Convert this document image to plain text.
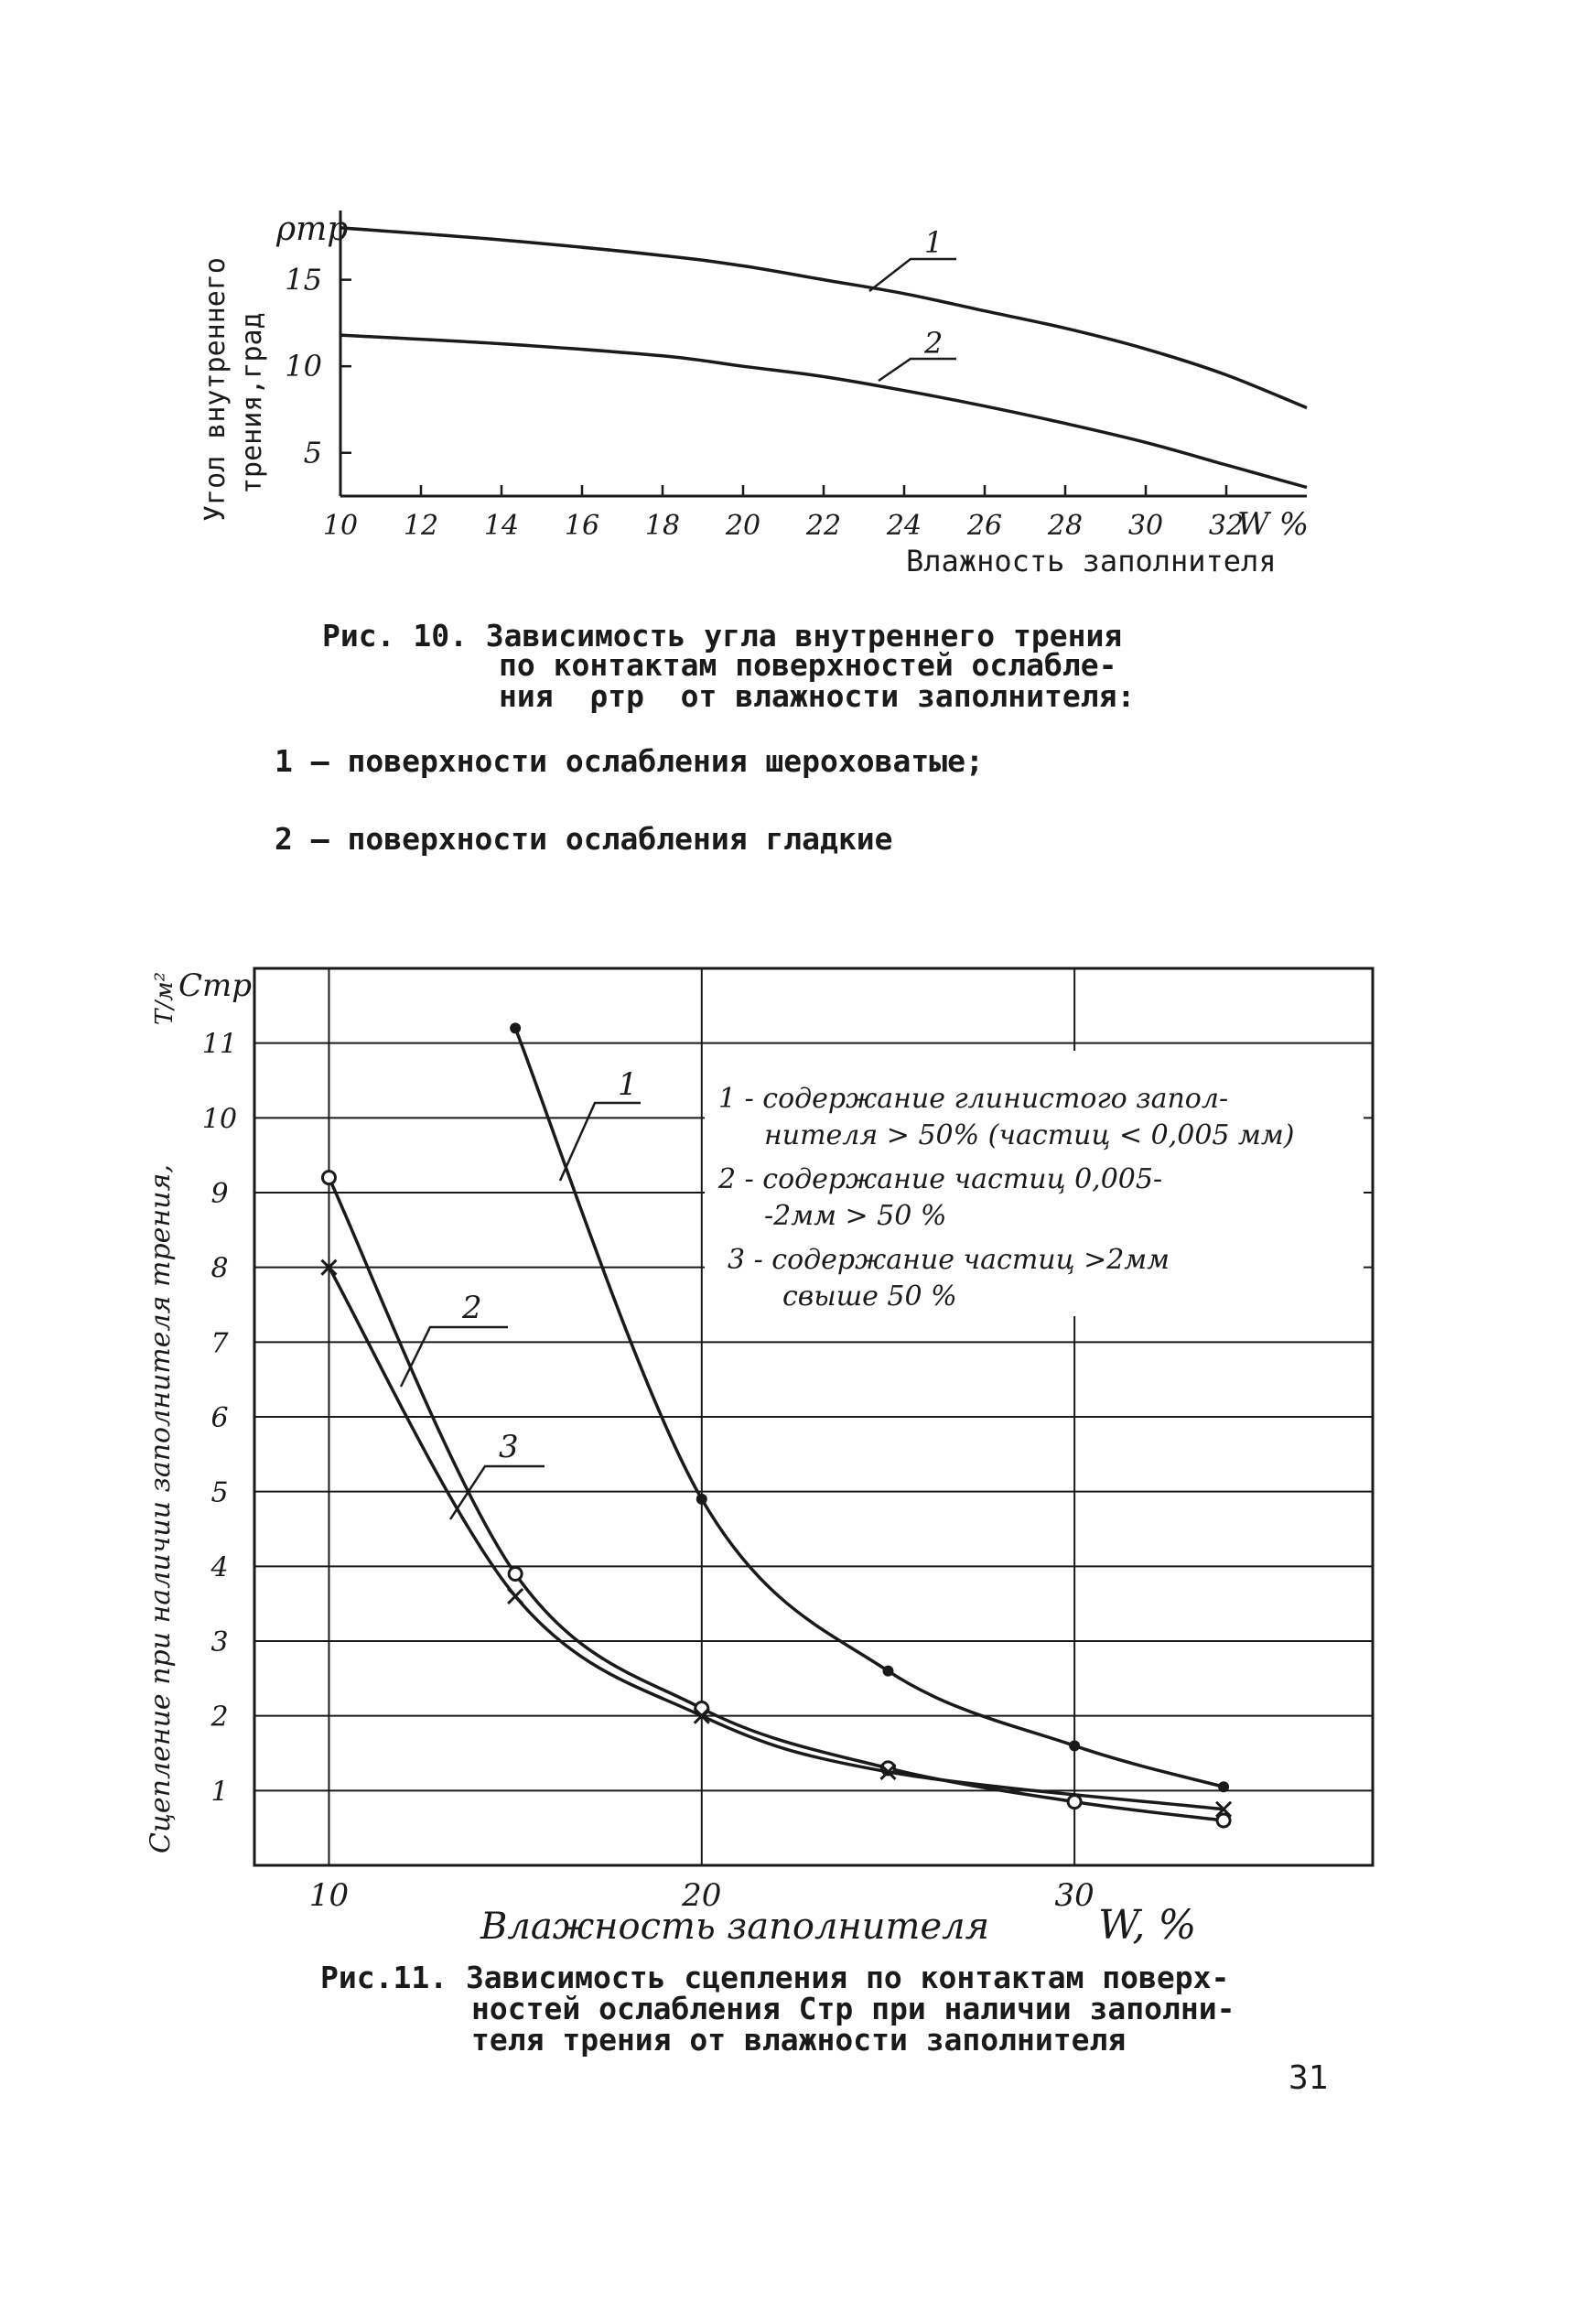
Угол внутреннего трения,град
ρтр
10 12 14 16 18 20 22 24 26 28 30 32
5
10
15
1
2
W %
Влажность заполнителя
Рис. 10. Зависимость угла внутреннего трения
по контактам поверхностей ослабле-
ния  ρтр  от влажности заполнителя:
1 – поверхности ослабления шероховатые;
2 – поверхности ослабления гладкие
1
2
3
4
5
6
7
8
9
10
11
10	20	30
1
2
3
1 - содержание глинистого запол-
нителя > 50% (частиц < 0,005 мм)
2 - содержание частиц 0,005-
-2мм > 50 %
3 - содержание частиц >2мм
свыше 50 %
Сцепление при наличии заполнителя трения,
T/м² Cтр
Влажность заполнителя	W, %
Рис.11. Зависимость сцепления по контактам поверх-
ностей ослабления Cтр при наличии заполни-
теля трения от влажности заполнителя
31
